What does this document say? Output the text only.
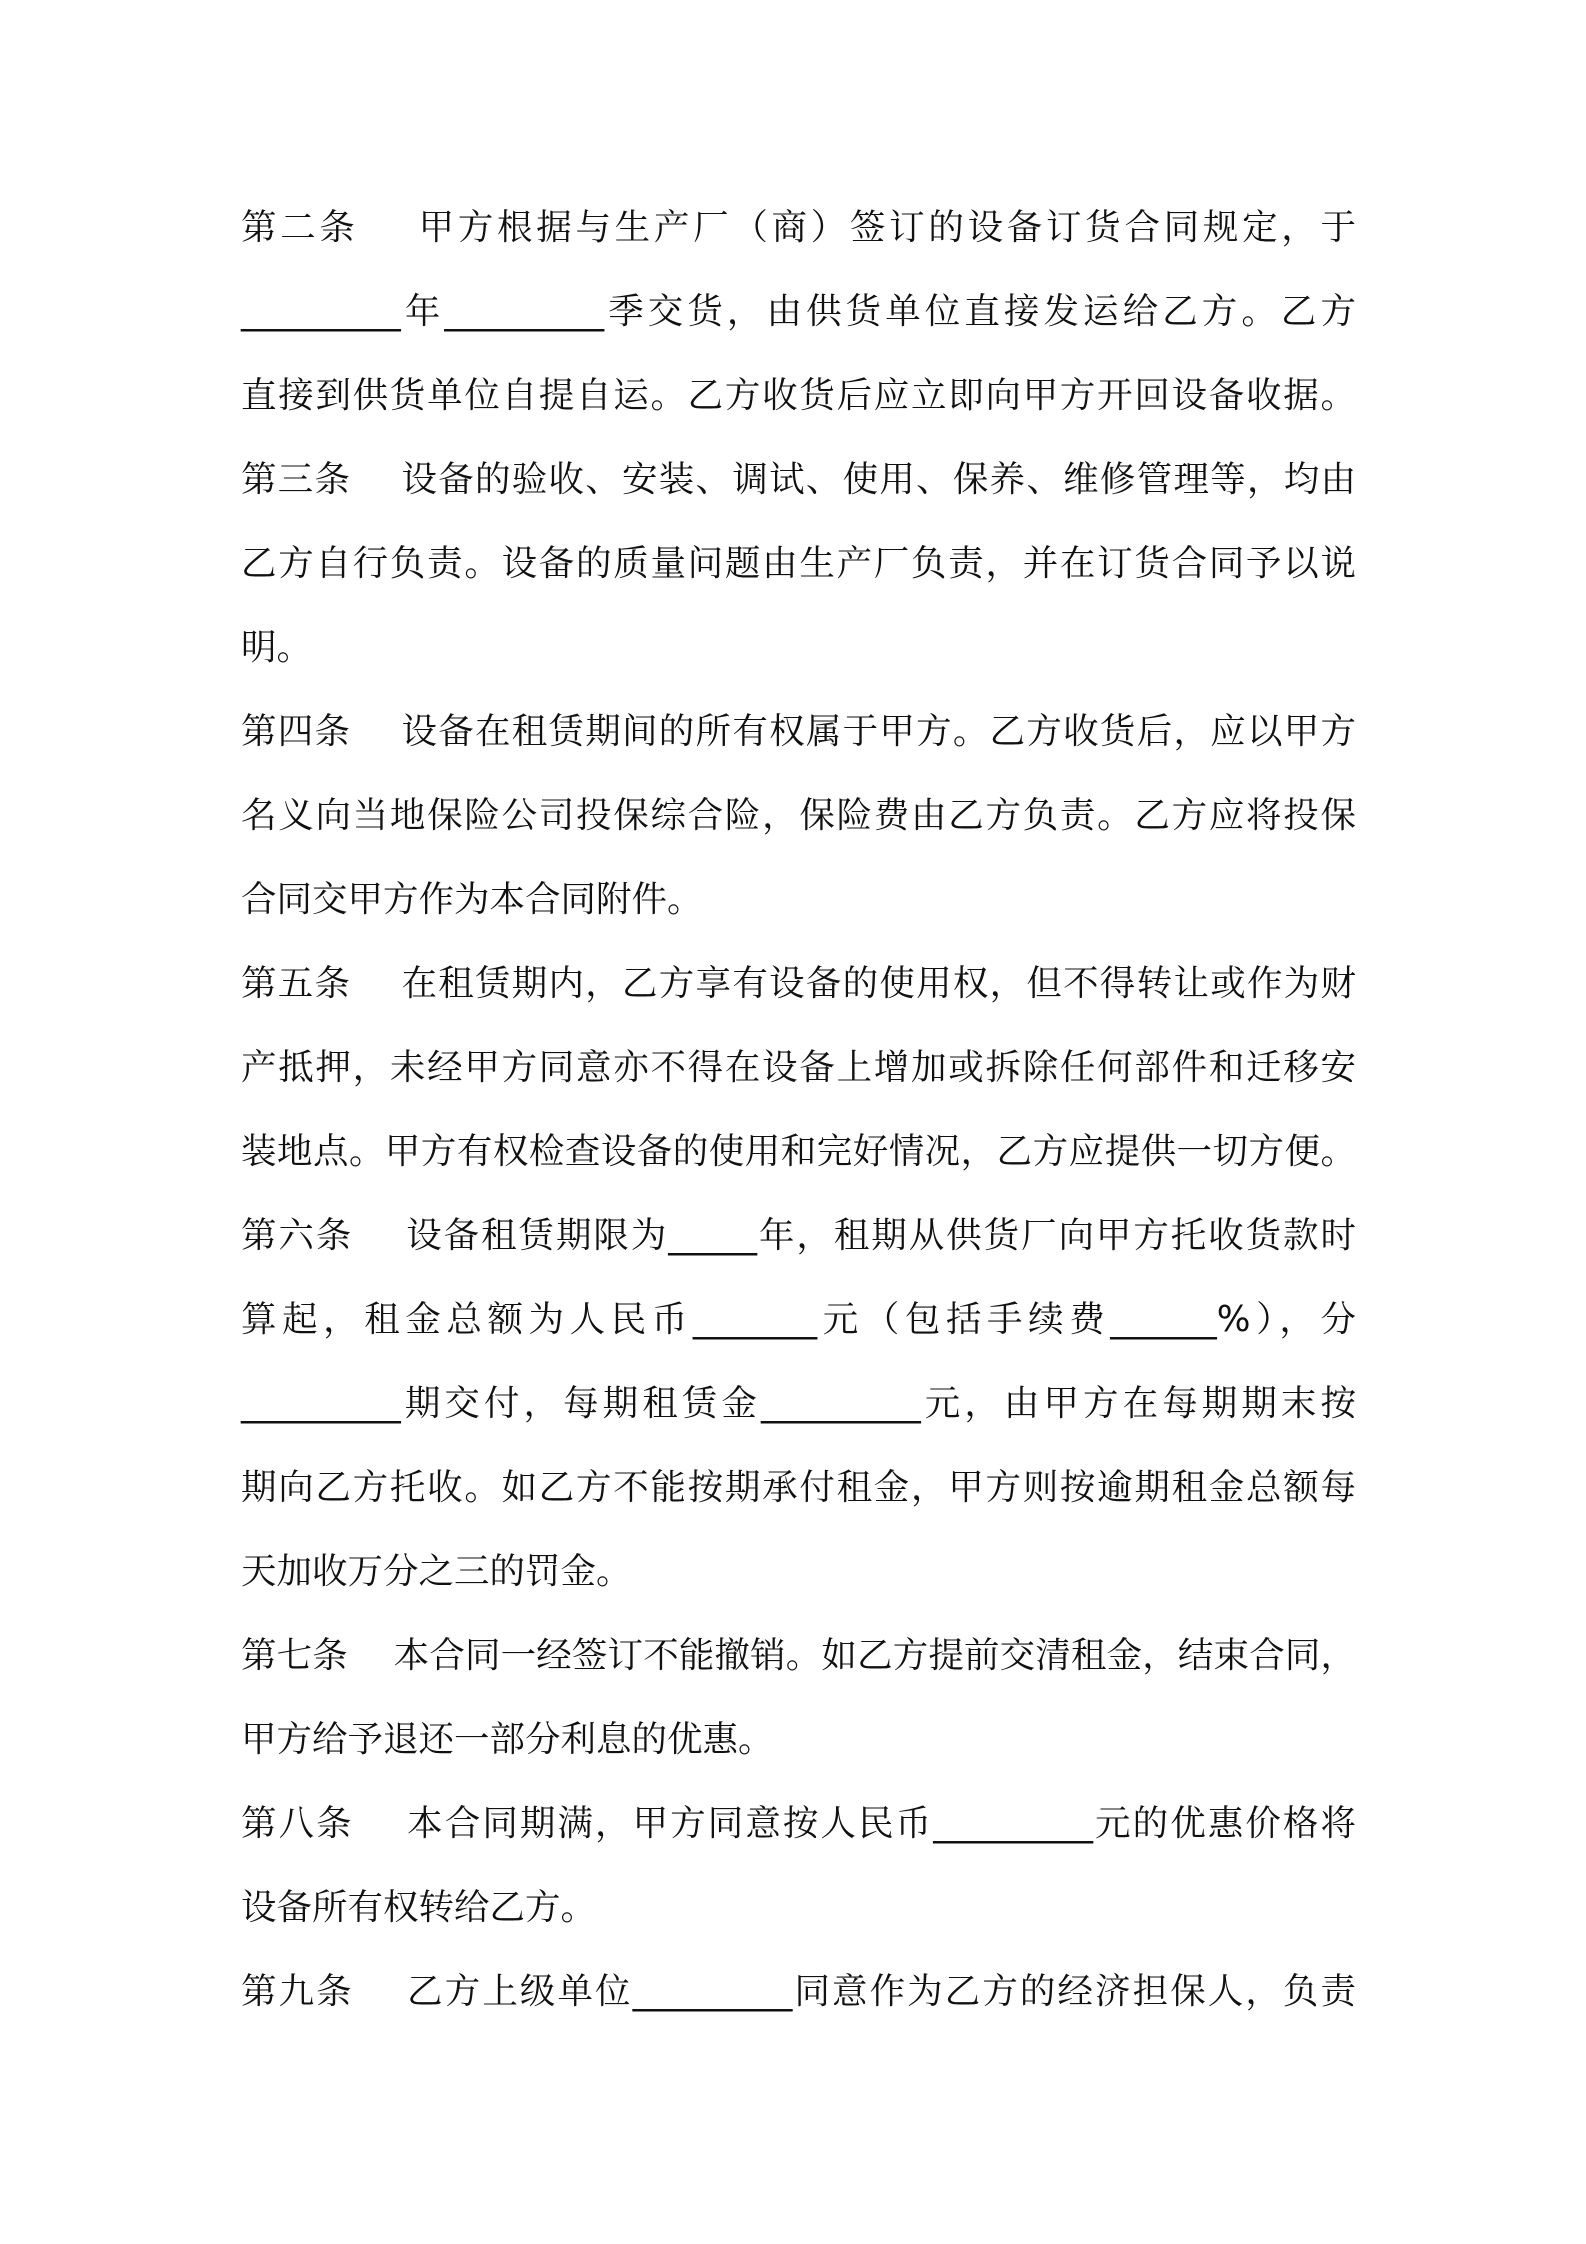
第二条    甲方根据与生产厂（商）签订的设备订货合同规定，于
_________年_________季交货，由供货单位直接发运给乙方。乙方
直接到供货单位自提自运。乙方收货后应立即向甲方开回设备收据。
第三条    设备的验收、安装、调试、使用、保养、维修管理等，均由
乙方自行负责。设备的质量问题由生产厂负责，并在订货合同予以说
明。
第四条    设备在租赁期间的所有权属于甲方。乙方收货后，应以甲方
名义向当地保险公司投保综合险，保险费由乙方负责。乙方应将投保
合同交甲方作为本合同附件。
第五条    在租赁期内，乙方享有设备的使用权，但不得转让或作为财
产抵押，未经甲方同意亦不得在设备上增加或拆除任何部件和迁移安
装地点。甲方有权检查设备的使用和完好情况，乙方应提供一切方便。
第六条    设备租赁期限为_____年，租期从供货厂向甲方托收货款时
算起，租金总额为人民币_______元（包括手续费______%），分
_________期交付，每期租赁金_________元，由甲方在每期期末按
期向乙方托收。如乙方不能按期承付租金，甲方则按逾期租金总额每
天加收万分之三的罚金。
第七条    本合同一经签订不能撤销。如乙方提前交清租金，结束合同，
甲方给予退还一部分利息的优惠。
第八条    本合同期满，甲方同意按人民币_________元的优惠价格将
设备所有权转给乙方。
第九条    乙方上级单位_________同意作为乙方的经济担保人，负责
